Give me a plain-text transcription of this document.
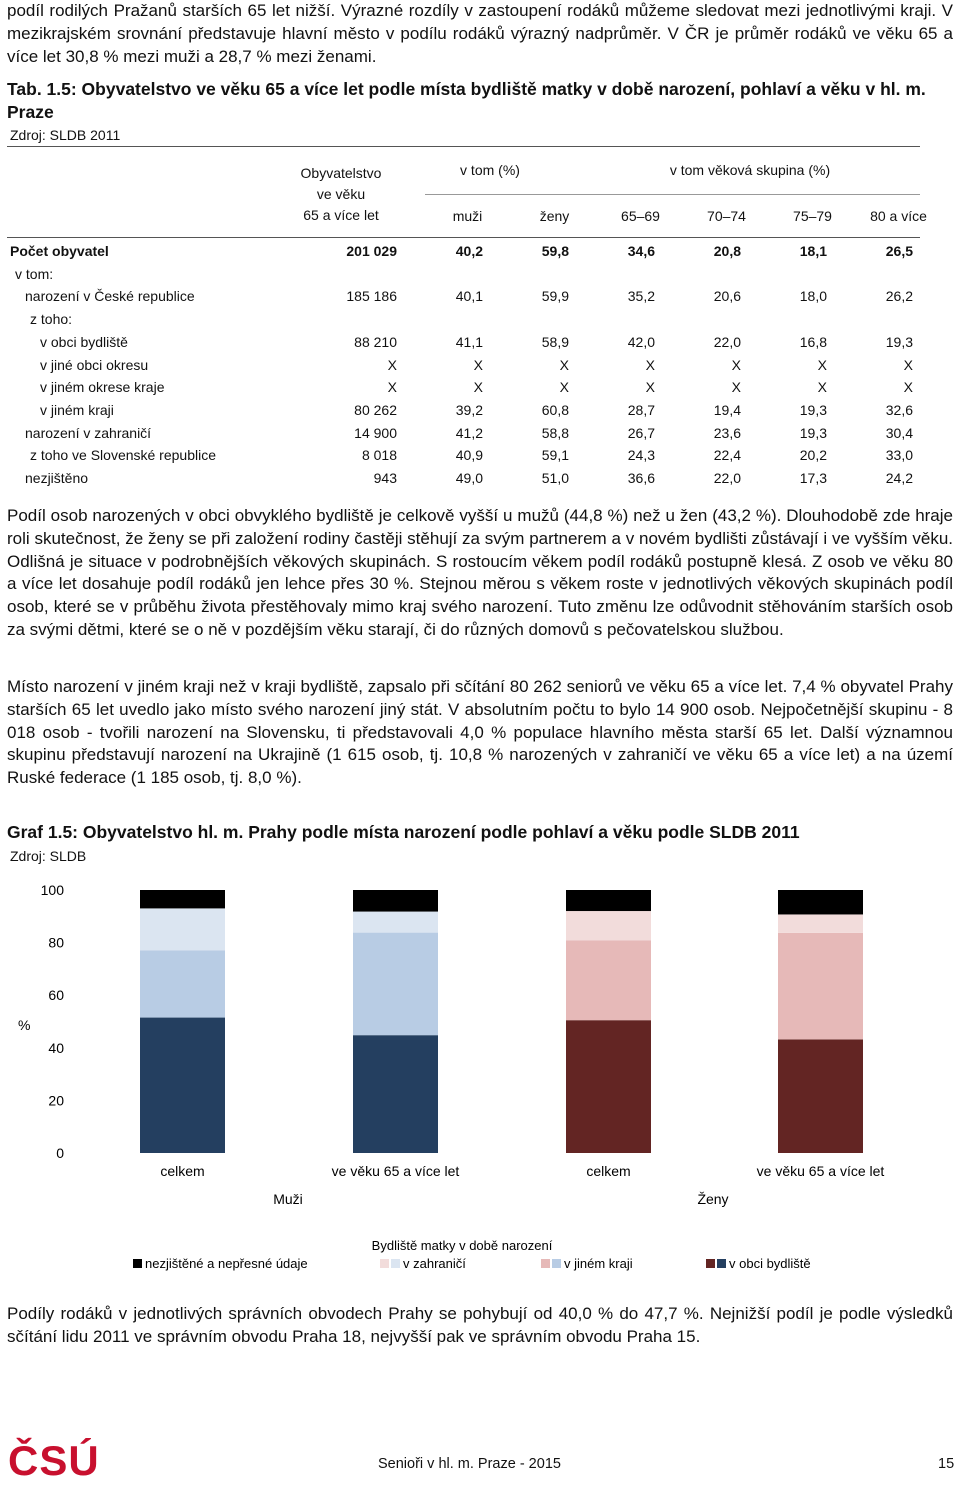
podíl rodilých Pražanů starších 65 let nižší. Výrazné rozdíly v zastoupení rodáků můžeme sledovat mezi jednotlivými kraji. V mezikrajském srovnání představuje hlavní město v podílu rodáků výrazný nadprůměr. V ČR je průměr rodáků ve věku 65 a více let 30,8 % mezi muži a 28,7 % mezi ženami.

Tab. 1.5: Obyvatelstvo ve věku 65 a více let podle místa bydliště matky v době narození, pohlaví a věku v hl. m. Praze
Zdroj: SLDB 2011
Obyvatelstvo
ve věku
65 a více let
v tom (%)	v tom věková skupina (%)
muži	ženy	65–69	70–74	75–79	80 a více
Počet obyvatel	201 029	40,2	59,8	34,6	20,8	18,1	26,5
v tom:
narození v České republice	185 186	40,1	59,9	35,2	20,6	18,0	26,2
z toho:
v obci bydliště	88 210	41,1	58,9	42,0	22,0	16,8	19,3
v jiné obci okresu	X	X	X	X	X	X	X
v jiném okrese kraje	X	X	X	X	X	X	X
v jiném kraji	80 262	39,2	60,8	28,7	19,4	19,3	32,6
narození v zahraničí	14 900	41,2	58,8	26,7	23,6	19,3	30,4
z toho ve Slovenské republice	8 018	40,9	59,1	24,3	22,4	20,2	33,0
nezjištěno	943	49,0	51,0	36,6	22,0	17,3	24,2

Podíl osob narozených v obci obvyklého bydliště je celkově vyšší u mužů (44,8 %) než u žen (43,2 %). Dlouhodobě zde hraje roli skutečnost, že ženy se při založení rodiny častěji stěhují za svým partnerem a v novém bydlišti zůstávají i ve vyšším věku. Odlišná je situace v podrobnějších věkových skupinách. S rostoucím věkem podíl rodáků postupně klesá. Z osob ve věku 80 a více let dosahuje podíl rodáků jen lehce přes 30 %. Stejnou měrou s věkem roste v jednotlivých věkových skupinách podíl osob, které se v průběhu života přestěhovaly mimo kraj svého narození. Tuto změnu lze odůvodnit stěhováním starších osob za svými dětmi, které se o ně v pozdějším věku starají, či do různých domovů s pečovatelskou službou.

Místo narození v jiném kraji než v kraji bydliště, zapsalo při sčítání 80 262 seniorů ve věku 65 a více let. 7,4 % obyvatel Prahy starších 65 let uvedlo jako místo svého narození jiný stát. V absolutním počtu to bylo 14 900 osob. Nejpočetnější skupinu - 8 018 osob - tvořili narození na Slovensku, ti představovali 4,0 % populace hlavního města starší 65 let. Další významnou skupinu představují narození na Ukrajině (1 615 osob, tj. 10,8 % narozených v zahraničí ve věku 65 a více let) a na území Ruské federace (1 185 osob, tj. 8,0 %).

Graf 1.5: Obyvatelstvo hl. m. Prahy podle místa narození podle pohlaví a věku podle SLDB 2011
Zdroj: SLDB
0
20
40
60
80
100
%
celkem	ve věku 65 a více let	celkem	ve věku 65 a více let
Muži	Ženy
Bydliště matky v době narození
nezjištěné a nepřesné údaje	v zahraničí	v jiném kraji	v obci bydliště

Podíly rodáků v jednotlivých správních obvodech Prahy se pohybují od 40,0 % do 47,7 %. Nejnižší podíl je podle výsledků sčítání lidu 2011 ve správním obvodu Praha 18, nejvyšší pak ve správním obvodu Praha 15.

ČSÚ	Senioři v hl. m. Praze - 2015	15
